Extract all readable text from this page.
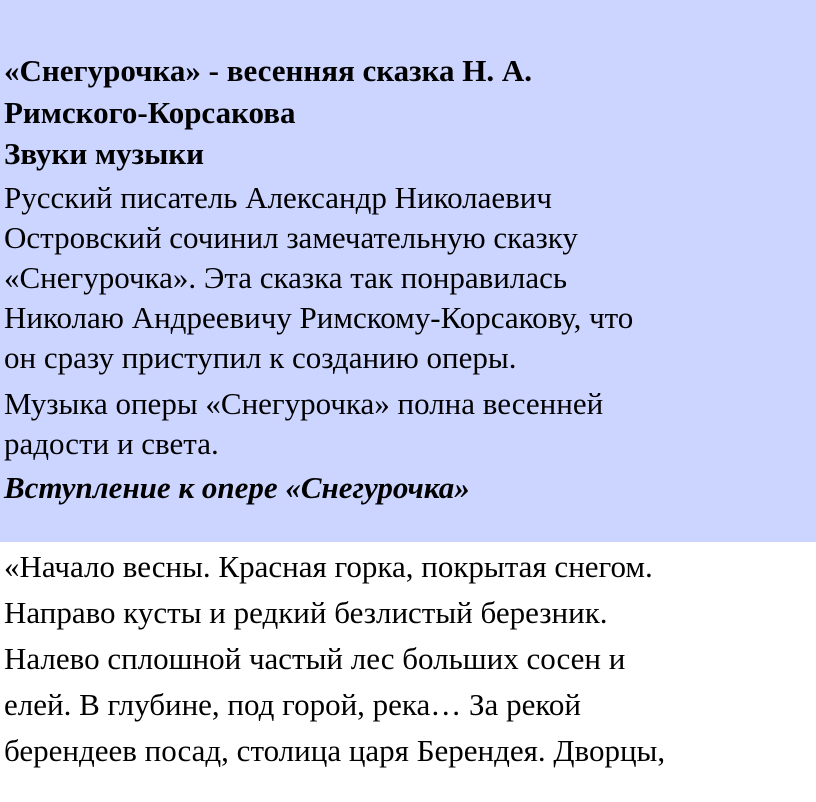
«Снегурочка» - весенняя сказка Н. А.
Римского-Корсакова
Звуки музыки
Русский писатель Александр Николаевич
Островский сочинил замечательную сказку
«Снегурочка». Эта сказка так понравилась
Николаю Андреевичу Римскому-Корсакову, что
он сразу приступил к созданию оперы.
Музыка оперы «Снегурочка» полна весенней
радости и света.
Вступление к опере «Снегурочка»
«Начало весны. Красная горка, покрытая снегом.
Направо кусты и редкий безлистый березник.
Налево сплошной частый лес больших сосен и
елей. В глубине, под горой, река… За рекой
берендеев посад, столица царя Берендея. Дворцы,
